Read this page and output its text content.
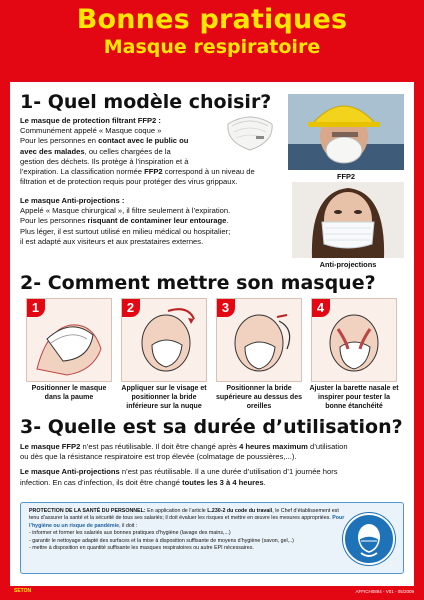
Bonnes pratiques
Masque respiratoire
1- Quel modèle choisir?
Le masque de protection filtrant FFP2 :
Communément appelé « Masque coque »
Pour les personnes en contact avec le public ou
avec des malades, ou celles chargées de la
gestion des déchets. Ils protège à l’inspiration et à
l’expiration. La classification normée FFP2 correspond à un niveau de
filtration et de protection requis pour protéger des virus grippaux.
FFP2
Le masque Anti-projections :
Appelé « Masque chirurgical », il filtre seulement à l’expiration.
Pour les personnes risquant de contaminer leur entourage.
Plus léger, il est surtout utilisé en milieu médical ou hospitalier;
il est adapté aux visiteurs et aux prestataires externes.
Anti-projections
2- Comment mettre son masque?
1	2	3	4
Positionner le masque dans la paume
Appliquer sur le visage et positionner la bride inférieure sur la nuque
Positionner la bride supérieure au dessus des oreilles
Ajuster la barette nasale et inspirer pour tester la bonne étanchéité
3- Quelle est sa durée d’utilisation?
Le masque FFP2 n’est pas réutilisable. Il doit être changé après 4 heures maximum d’utilisation
ou dès que la résistance respiratoire est trop élevée (colmatage de poussières,...).
Le masque Anti-projections n’est pas réutilisable. Il a une durée d’utilisation d’1 journée hors
infection. En cas d’infection, ils doit être changé toutes les 3 à 4 heures.
PROTECTION DE LA SANTÉ DU PERSONNEL: En application de l’article L.230-2 du code du travail, le Chef d’établissement est tenu d’assurer la santé et la sécurité de tous ses salariés; il doit évaluer les risques et mettre en œuvre les mesures appropriées. Pour l’hygiène ou un risque de pandémie, il doit :
- informer et former les salariés aux bonnes pratiques d’hygiène (lavage des mains,...)
- garantir le nettoyage adapté des surfaces et la mise à disposition suffisante de moyens d’hygiène (savon, gel,..)
- mettre à disposition en quantité suffisante les masques respiratoires ou autre EPI nécessaires.
SETON	AFFICH0894 - V01 - 05/2009
